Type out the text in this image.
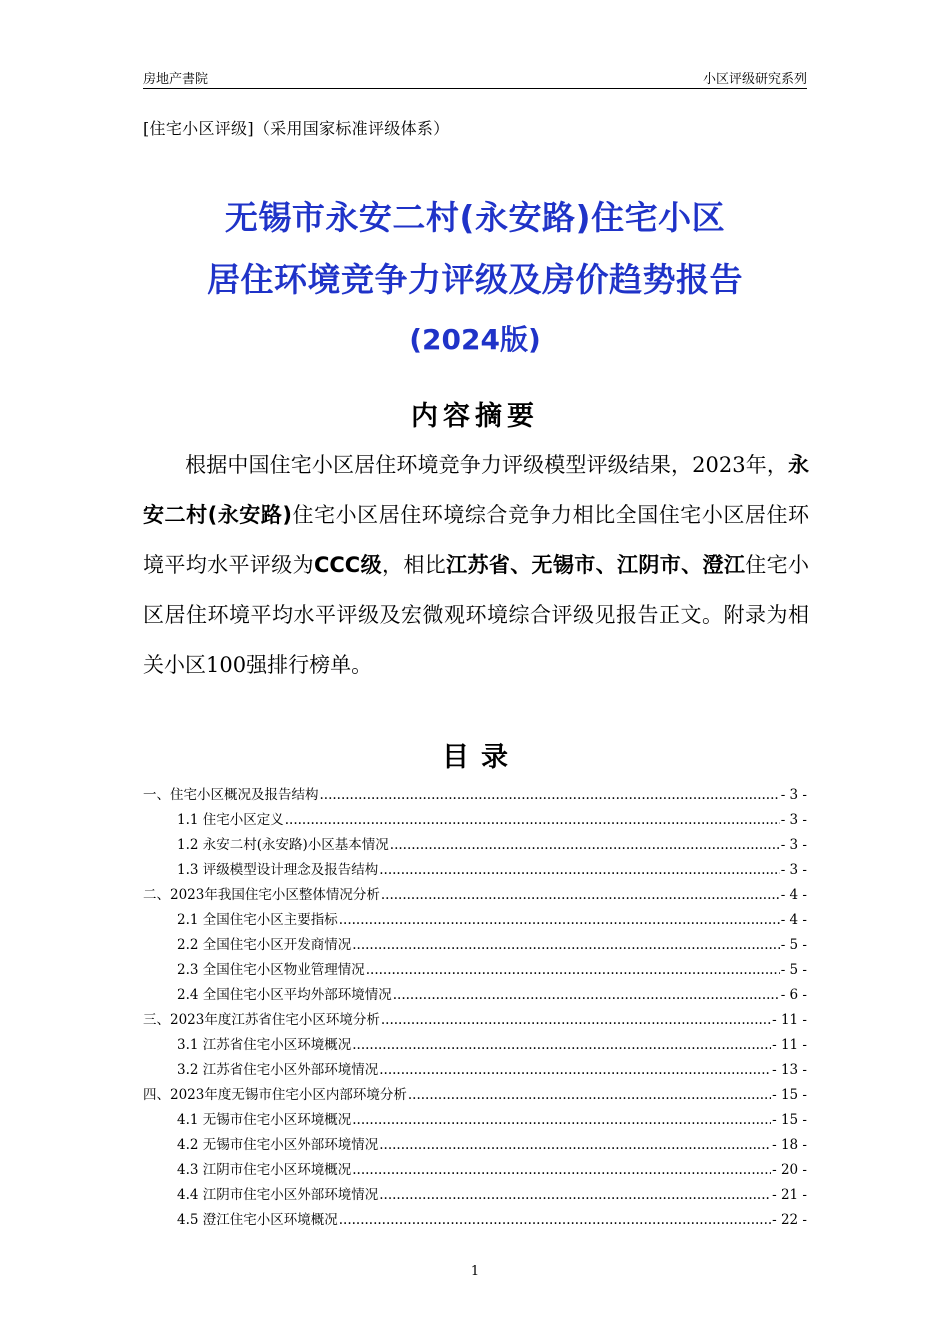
房地产書院	小区评级研究系列
[住宅小区评级]（采用国家标准评级体系）
无锡市永安二村(永安路)住宅小区
居住环境竞争力评级及房价趋势报告
(2024版)
内容摘要
根据中国住宅小区居住环境竞争力评级模型评级结果，2023年，永安二村(永安路)住宅小区居住环境综合竞争力相比全国住宅小区居住环境平均水平评级为CCC级，相比江苏省、无锡市、江阴市、澄江住宅小区居住环境平均水平评级及宏微观环境综合评级见报告正文。附录为相关小区100强排行榜单。
目录
一、住宅小区概况及报告结构 .....	- 3 -
1.1 住宅小区定义 .....	- 3 -
1.2 永安二村(永安路)小区基本情况 .....	- 3 -
1.3 评级模型设计理念及报告结构 .....	- 3 -
二、2023年我国住宅小区整体情况分析 .....	- 4 -
2.1 全国住宅小区主要指标 .....	- 4 -
2.2 全国住宅小区开发商情况 .....	- 5 -
2.3 全国住宅小区物业管理情况 .....	- 5 -
2.4 全国住宅小区平均外部环境情况 .....	- 6 -
三、2023年度江苏省住宅小区环境分析 .....	- 11 -
3.1 江苏省住宅小区环境概况 .....	- 11 -
3.2 江苏省住宅小区外部环境情况 .....	- 13 -
四、2023年度无锡市住宅小区内部环境分析 .....	- 15 -
4.1 无锡市住宅小区环境概况 .....	- 15 -
4.2 无锡市住宅小区外部环境情况 .....	- 18 -
4.3 江阴市住宅小区环境概况 .....	- 20 -
4.4 江阴市住宅小区外部环境情况 .....	- 21 -
4.5 澄江住宅小区环境概况 .....	- 22 -
1
